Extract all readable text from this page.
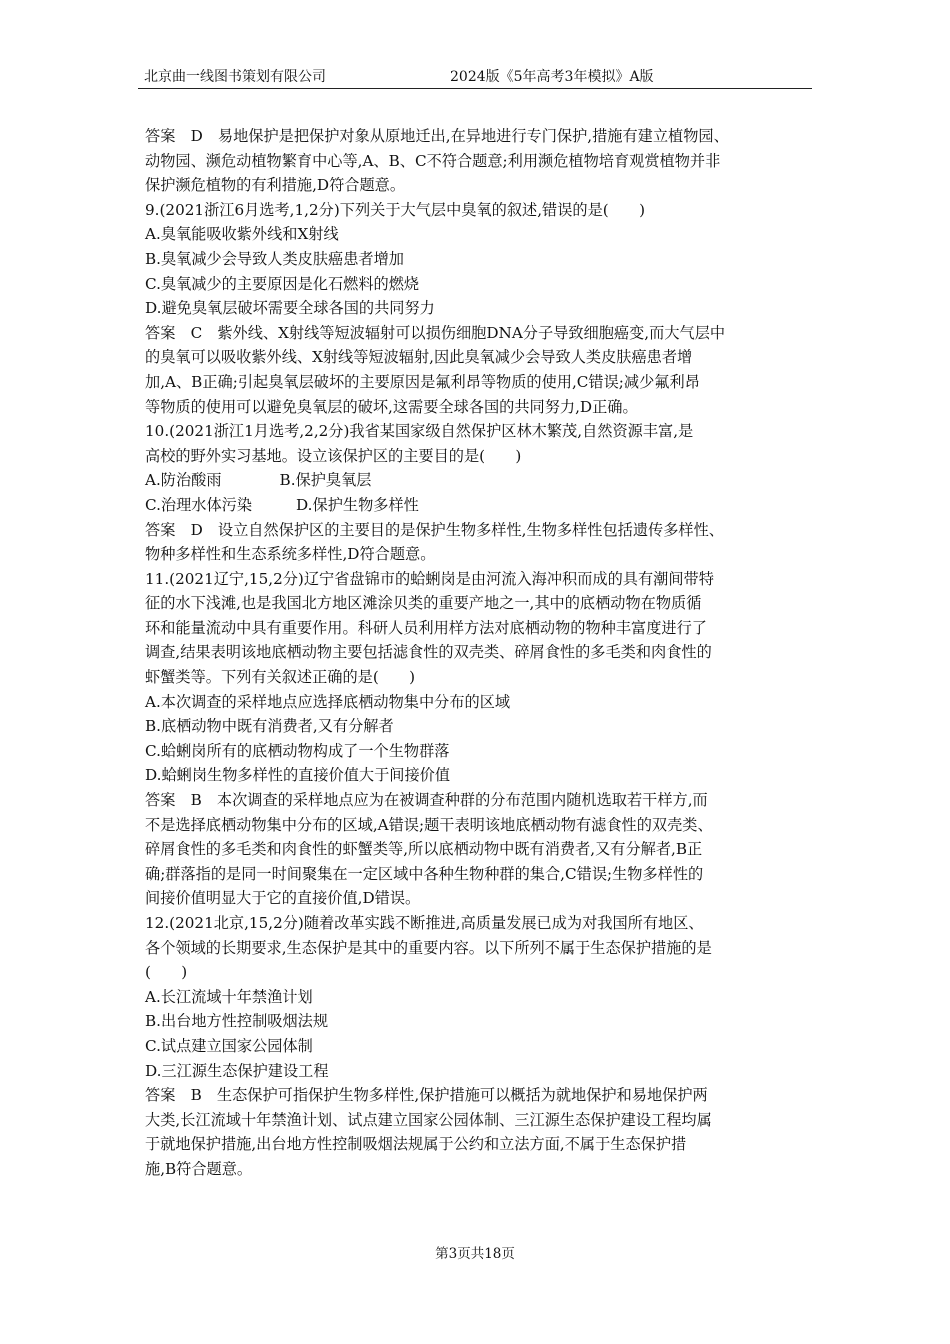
北京曲一线图书策划有限公司	2024版《5年高考3年模拟》A版

答案　D　易地保护是把保护对象从原地迁出,在异地进行专门保护,措施有建立植物园、

动物园、濒危动植物繁育中心等,A、B、C不符合题意;利用濒危植物培育观赏植物并非

保护濒危植物的有利措施,D符合题意。

9.(2021浙江6月选考,1,2分)下列关于大气层中臭氧的叙述,错误的是(　　)

A.臭氧能吸收紫外线和X射线

B.臭氧减少会导致人类皮肤癌患者增加

C.臭氧减少的主要原因是化石燃料的燃烧

D.避免臭氧层破坏需要全球各国的共同努力

答案　C　紫外线、X射线等短波辐射可以损伤细胞DNA分子导致细胞癌变,而大气层中

的臭氧可以吸收紫外线、X射线等短波辐射,因此臭氧减少会导致人类皮肤癌患者增

加,A、B正确;引起臭氧层破坏的主要原因是氟利昂等物质的使用,C错误;减少氟利昂

等物质的使用可以避免臭氧层的破坏,这需要全球各国的共同努力,D正确。

10.(2021浙江1月选考,2,2分)我省某国家级自然保护区林木繁茂,自然资源丰富,是

高校的野外实习基地。设立该保护区的主要目的是(　　)

A.防治酸雨	B.保护臭氧层

C.治理水体污染	D.保护生物多样性

答案　D　设立自然保护区的主要目的是保护生物多样性,生物多样性包括遗传多样性、

物种多样性和生态系统多样性,D符合题意。

11.(2021辽宁,15,2分)辽宁省盘锦市的蛤蜊岗是由河流入海冲积而成的具有潮间带特

征的水下浅滩,也是我国北方地区滩涂贝类的重要产地之一,其中的底栖动物在物质循

环和能量流动中具有重要作用。科研人员利用样方法对底栖动物的物种丰富度进行了

调查,结果表明该地底栖动物主要包括滤食性的双壳类、碎屑食性的多毛类和肉食性的

虾蟹类等。下列有关叙述正确的是(　　)

A.本次调查的采样地点应选择底栖动物集中分布的区域

B.底栖动物中既有消费者,又有分解者

C.蛤蜊岗所有的底栖动物构成了一个生物群落

D.蛤蜊岗生物多样性的直接价值大于间接价值

答案　B　本次调查的采样地点应为在被调查种群的分布范围内随机选取若干样方,而

不是选择底栖动物集中分布的区域,A错误;题干表明该地底栖动物有滤食性的双壳类、

碎屑食性的多毛类和肉食性的虾蟹类等,所以底栖动物中既有消费者,又有分解者,B正

确;群落指的是同一时间聚集在一定区域中各种生物种群的集合,C错误;生物多样性的

间接价值明显大于它的直接价值,D错误。

12.(2021北京,15,2分)随着改革实践不断推进,高质量发展已成为对我国所有地区、

各个领域的长期要求,生态保护是其中的重要内容。以下所列不属于生态保护措施的是

(　　)

A.长江流域十年禁渔计划

B.出台地方性控制吸烟法规

C.试点建立国家公园体制

D.三江源生态保护建设工程

答案　B　生态保护可指保护生物多样性,保护措施可以概括为就地保护和易地保护两

大类,长江流域十年禁渔计划、试点建立国家公园体制、三江源生态保护建设工程均属

于就地保护措施,出台地方性控制吸烟法规属于公约和立法方面,不属于生态保护措

施,B符合题意。

第3页共18页
